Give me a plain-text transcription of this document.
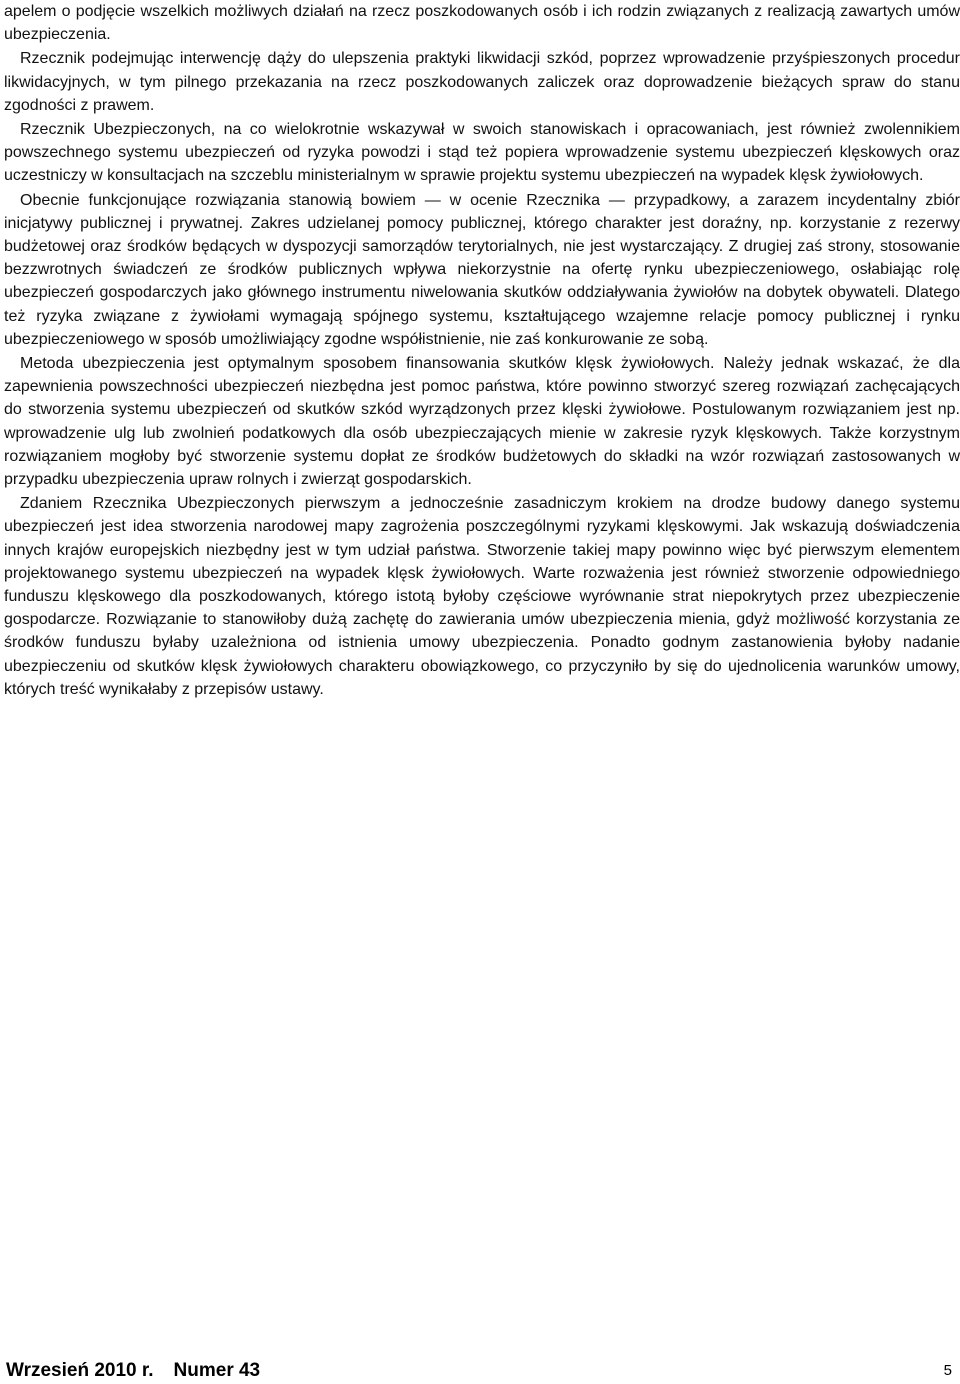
apelem o podjęcie wszelkich możliwych działań na rzecz poszkodowanych osób i ich rodzin związanych z realizacją zawartych umów ubezpieczenia.

Rzecznik podejmując interwencję dąży do ulepszenia praktyki likwidacji szkód, poprzez wprowadzenie przyśpieszonych procedur likwidacyjnych, w tym pilnego przekazania na rzecz poszkodowanych zaliczek oraz doprowadzenie bieżących spraw do stanu zgodności z prawem.

Rzecznik Ubezpieczonych, na co wielokrotnie wskazywał w swoich stanowiskach i opracowaniach, jest również zwolennikiem powszechnego systemu ubezpieczeń od ryzyka powodzi i stąd też popiera wprowadzenie systemu ubezpieczeń klęskowych oraz uczestniczy w konsultacjach na szczeblu ministerialnym w sprawie projektu systemu ubezpieczeń na wypadek klęsk żywiołowych.

Obecnie funkcjonujące rozwiązania stanowią bowiem — w ocenie Rzecznika — przypadkowy, a zarazem incydentalny zbiór inicjatywy publicznej i prywatnej. Zakres udzielanej pomocy publicznej, którego charakter jest doraźny, np. korzystanie z rezerwy budżetowej oraz środków będących w dyspozycji samorządów terytorialnych, nie jest wystarczający. Z drugiej zaś strony, stosowanie bezzwrotnych świadczeń ze środków publicznych wpływa niekorzystnie na ofertę rynku ubezpieczeniowego, osłabiając rolę ubezpieczeń gospodarczych jako głównego instrumentu niwelowania skutków oddziaływania żywiołów na dobytek obywateli. Dlatego też ryzyka związane z żywiołami wymagają spójnego systemu, kształtującego wzajemne relacje pomocy publicznej i rynku ubezpieczeniowego w sposób umożliwiający zgodne współistnienie, nie zaś konkurowanie ze sobą.

Metoda ubezpieczenia jest optymalnym sposobem finansowania skutków klęsk żywiołowych. Należy jednak wskazać, że dla zapewnienia powszechności ubezpieczeń niezbędna jest pomoc państwa, które powinno stworzyć szereg rozwiązań zachęcających do stworzenia systemu ubezpieczeń od skutków szkód wyrządzonych przez klęski żywiołowe. Postulowanym rozwiązaniem jest np. wprowadzenie ulg lub zwolnień podatkowych dla osób ubezpieczających mienie w zakresie ryzyk klęskowych. Także korzystnym rozwiązaniem mogłoby być stworzenie systemu dopłat ze środków budżetowych do składki na wzór rozwiązań zastosowanych w przypadku ubezpieczenia upraw rolnych i zwierząt gospodarskich.

Zdaniem Rzecznika Ubezpieczonych pierwszym a jednocześnie zasadniczym krokiem na drodze budowy danego systemu ubezpieczeń jest idea stworzenia narodowej mapy zagrożenia poszczególnymi ryzykami klęskowymi. Jak wskazują doświadczenia innych krajów europejskich niezbędny jest w tym udział państwa. Stworzenie takiej mapy powinno więc być pierwszym elementem projektowanego systemu ubezpieczeń na wypadek klęsk żywiołowych. Warte rozważenia jest również stworzenie odpowiedniego funduszu klęskowego dla poszkodowanych, którego istotą byłoby częściowe wyrównanie strat niepokrytych przez ubezpieczenie gospodarcze. Rozwiązanie to stanowiłoby dużą zachętę do zawierania umów ubezpieczenia mienia, gdyż możliwość korzystania ze środków funduszu byłaby uzależniona od istnienia umowy ubezpieczenia. Ponadto godnym zastanowienia byłoby nadanie ubezpieczeniu od skutków klęsk żywiołowych charakteru obowiązkowego, co przyczyniło by się do ujednolicenia warunków umowy, których treść wynikałaby z przepisów ustawy.

Wrzesień 2010 r. Numer 43	5
